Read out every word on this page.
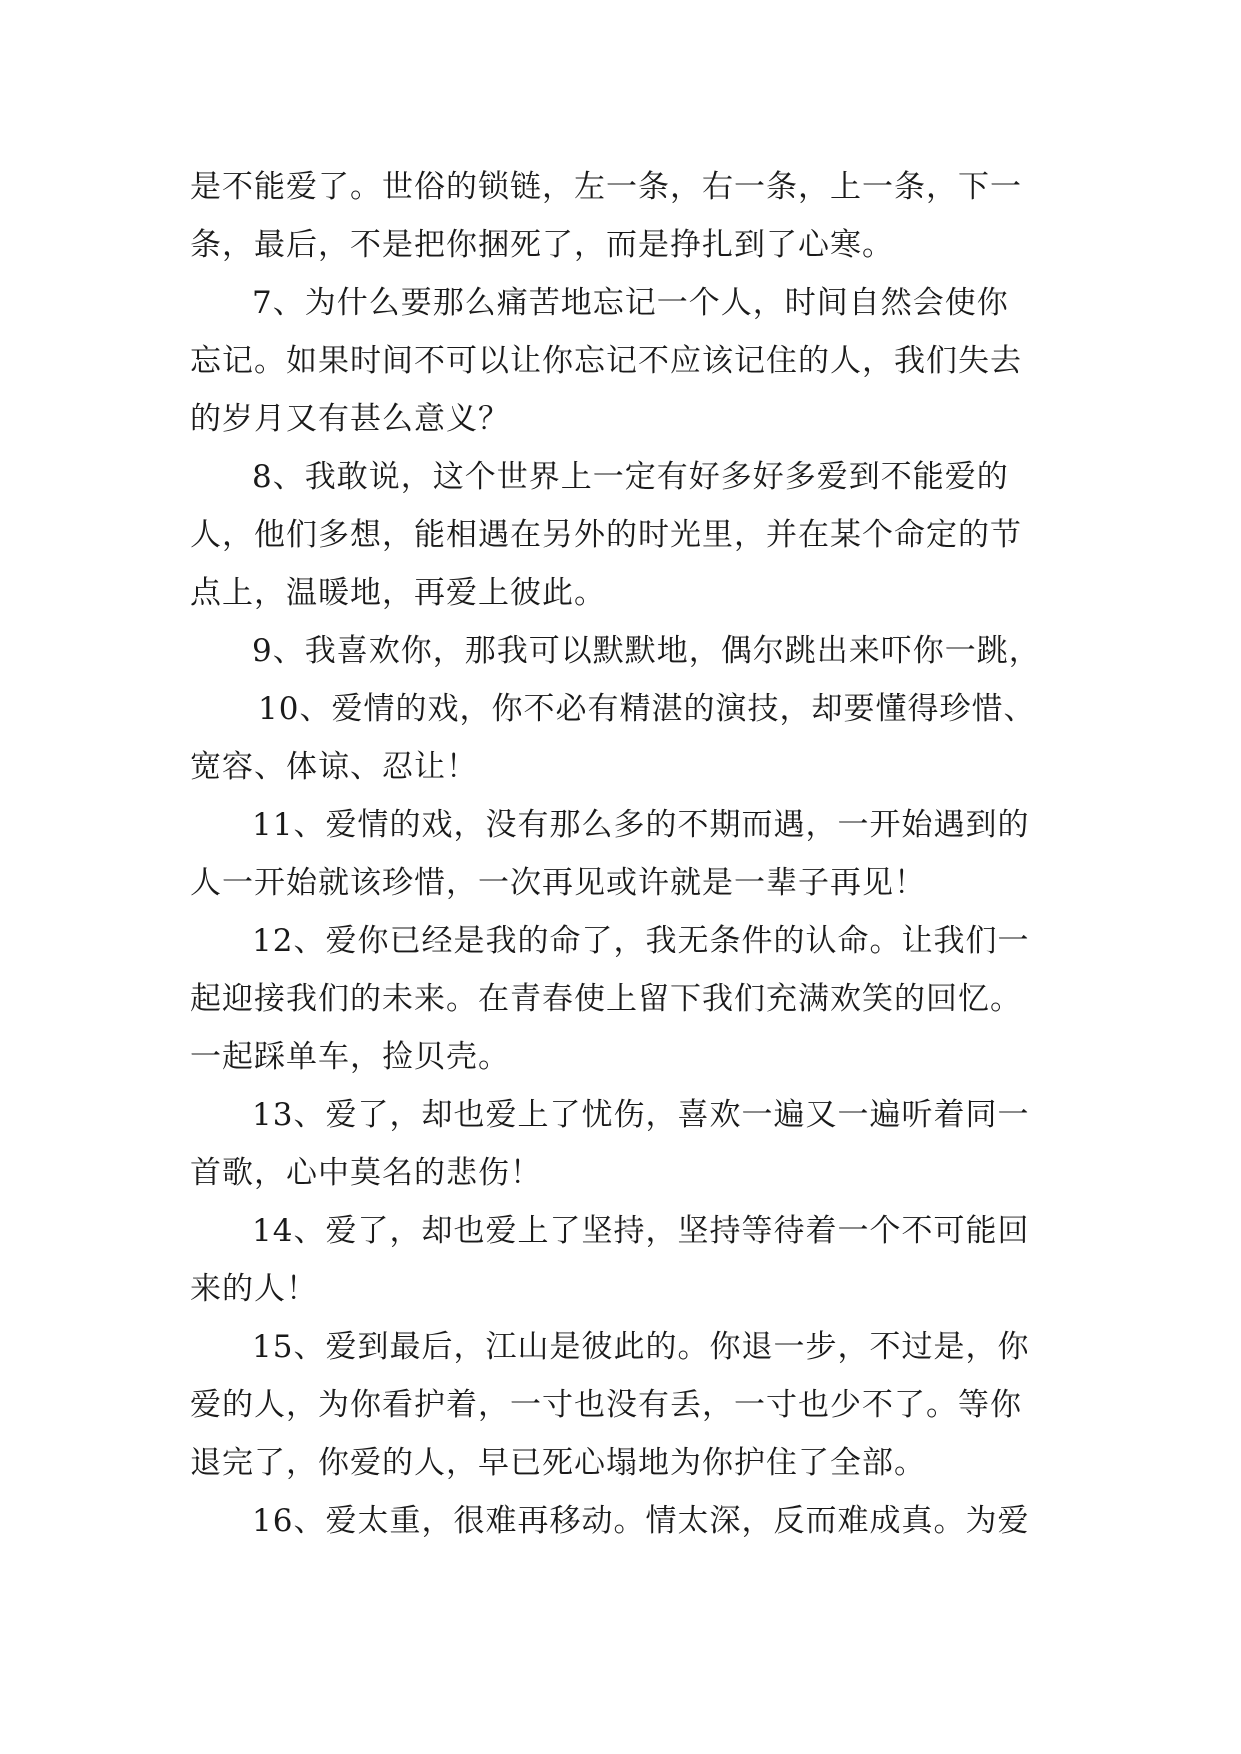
是不能爱了。世俗的锁链，左一条，右一条，上一条，下一
条，最后，不是把你捆死了，而是挣扎到了心寒。

7、为什么要那么痛苦地忘记一个人，时间自然会使你
忘记。如果时间不可以让你忘记不应该记住的人，我们失去
的岁月又有甚么意义？

8、我敢说，这个世界上一定有好多好多爱到不能爱的
人，他们多想，能相遇在另外的时光里，并在某个命定的节
点上，温暖地，再爱上彼此。

9、我喜欢你，那我可以默默地，偶尔跳出来吓你一跳，

10、爱情的戏，你不必有精湛的演技，却要懂得珍惜、
宽容、体谅、忍让！

11、爱情的戏，没有那么多的不期而遇，一开始遇到的
人一开始就该珍惜，一次再见或许就是一辈子再见！

12、爱你已经是我的命了，我无条件的认命。让我们一
起迎接我们的未来。在青春使上留下我们充满欢笑的回忆。
一起踩单车，捡贝壳。

13、爱了，却也爱上了忧伤，喜欢一遍又一遍听着同一
首歌，心中莫名的悲伤！

14、爱了，却也爱上了坚持，坚持等待着一个不可能回
来的人！

15、爱到最后，江山是彼此的。你退一步，不过是，你
爱的人，为你看护着，一寸也没有丢，一寸也少不了。等你
退完了，你爱的人，早已死心塌地为你护住了全部。

16、爱太重，很难再移动。情太深，反而难成真。为爱
